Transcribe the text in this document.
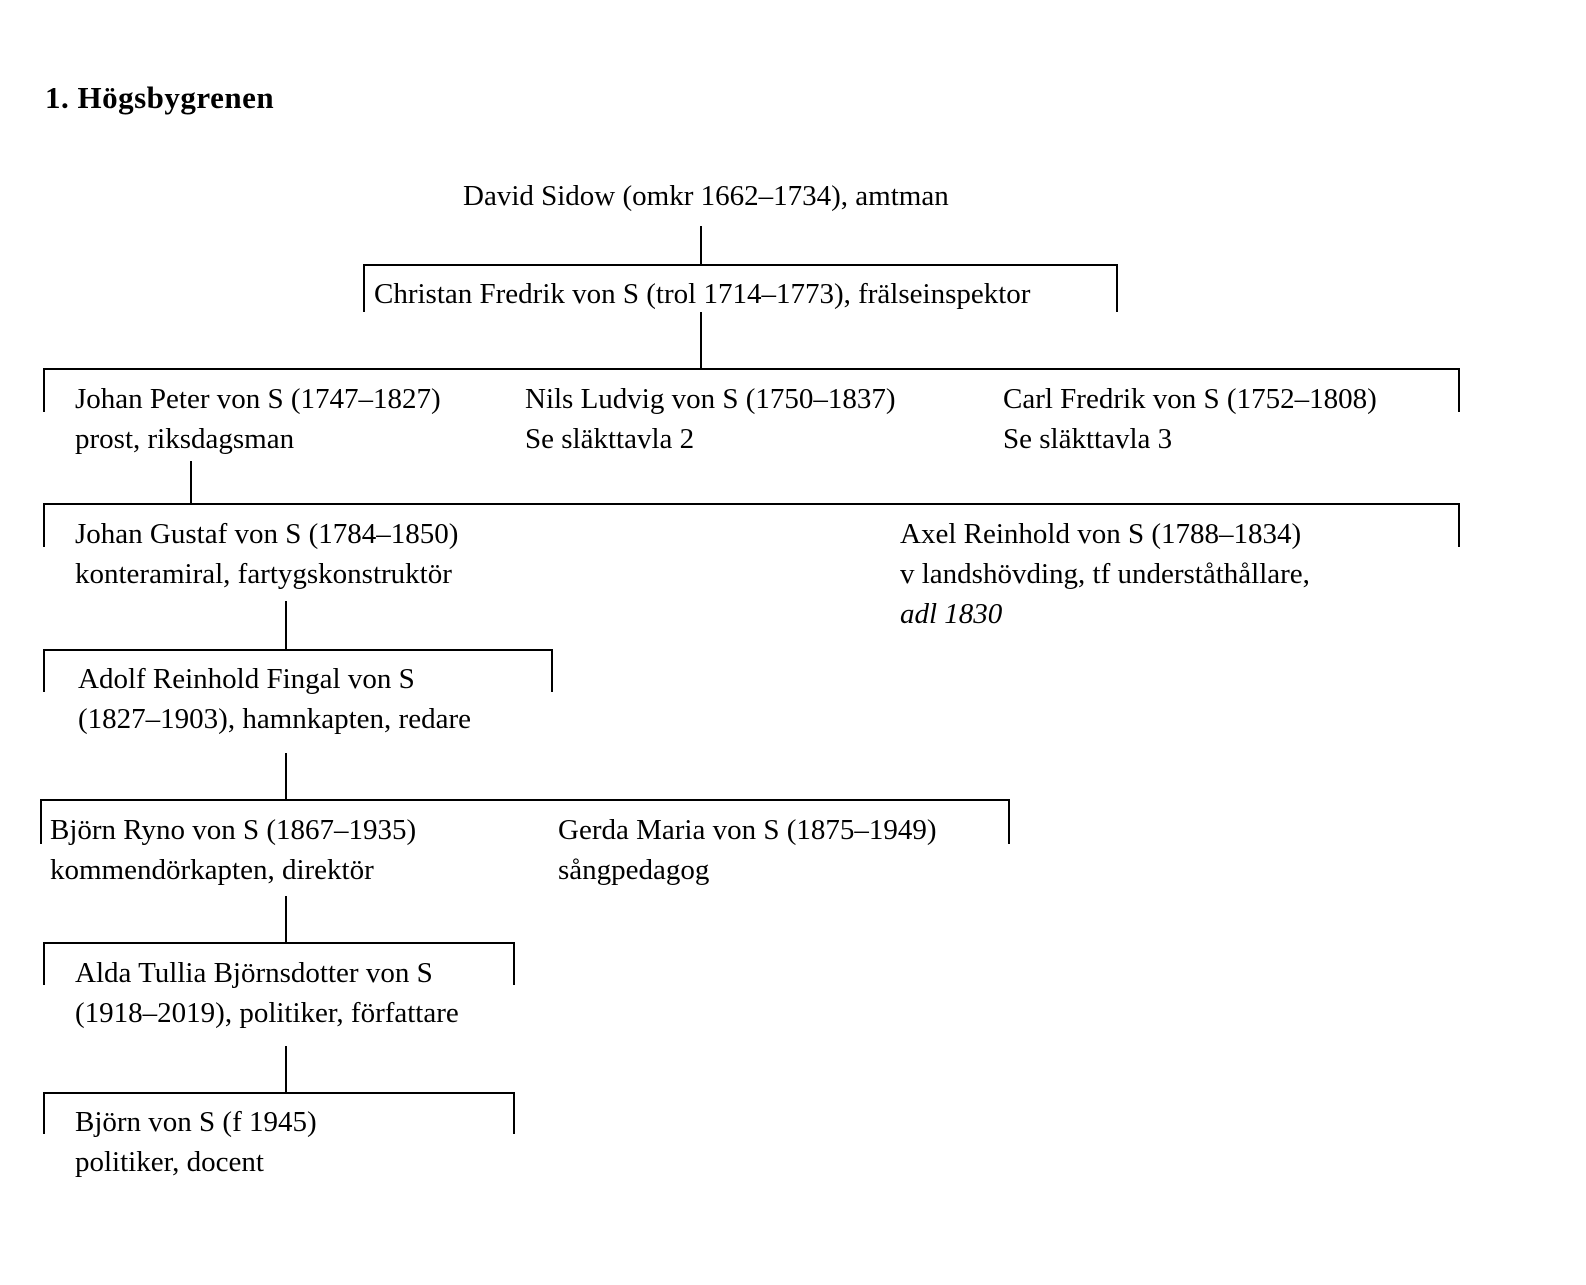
1. Högsbygrenen
David Sidow (omkr 1662–1734), amtman
Christan Fredrik von S (trol 1714–1773), frälseinspektor
Johan Peter von S (1747–1827)
prost, riksdagsman
Nils Ludvig von S (1750–1837)
Se släkttavla 2
Carl Fredrik von S (1752–1808)
Se släkttavla 3
Johan Gustaf von S (1784–1850)
konteramiral, fartygskonstruktör
Axel Reinhold von S (1788–1834)
v landshövding, tf underståthållare,
adl 1830
Adolf Reinhold Fingal von S
(1827–1903), hamnkapten, redare
Björn Ryno von S (1867–1935)
kommendörkapten, direktör
Gerda Maria von S (1875–1949)
sångpedagog
Alda Tullia Björnsdotter von S
(1918–2019), politiker, författare
Björn von S (f 1945)
politiker, docent
